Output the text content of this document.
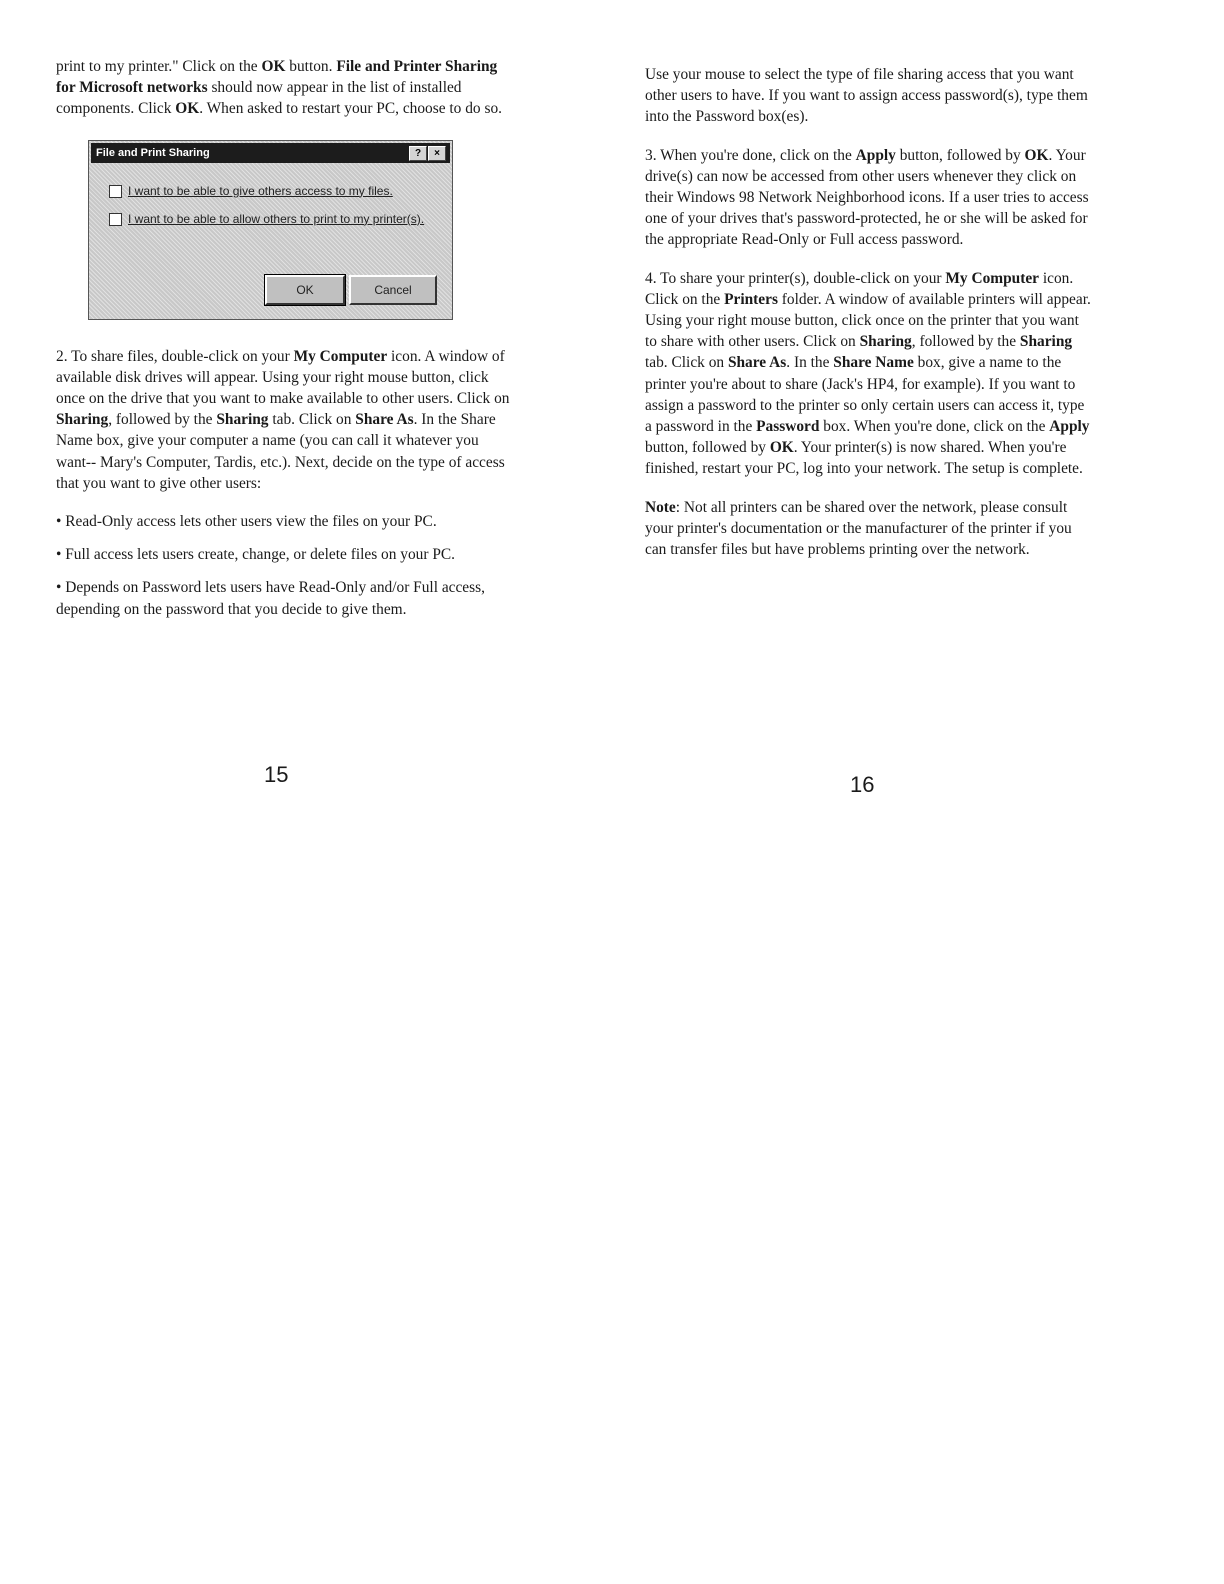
print to my printer." Click on the OK button. File and Printer Sharing for Microsoft networks should now appear in the list of installed components. Click OK. When asked to restart your PC, choose to do so.

File and Print Sharing	?	×
I want to be able to give others access to my files.
I want to be able to allow others to print to my printer(s).
OK	Cancel

2. To share files, double-click on your My Computer icon. A window of available disk drives will appear. Using your right mouse button, click once on the drive that you want to make available to other users. Click on Sharing, followed by the Sharing tab. Click on Share As. In the Share Name box, give your computer a name (you can call it whatever you want-- Mary's Computer, Tardis, etc.). Next, decide on the type of access that you want to give other users:

• Read-Only access lets other users view the files on your PC.

• Full access lets users create, change, or delete files on your PC.

• Depends on Password lets users have Read-Only and/or Full access, depending on the password that you decide to give them.

15

Use your mouse to select the type of file sharing access that you want other users to have. If you want to assign access password(s), type them into the Password box(es).

3. When you're done, click on the Apply button, followed by OK. Your drive(s) can now be accessed from other users whenever they click on their Windows 98 Network Neighborhood icons. If a user tries to access one of your drives that's password-protected, he or she will be asked for the appropriate Read-Only or Full access password.

4. To share your printer(s), double-click on your My Computer icon. Click on the Printers folder. A window of available printers will appear. Using your right mouse button, click once on the printer that you want to share with other users. Click on Sharing, followed by the Sharing tab. Click on Share As. In the Share Name box, give a name to the printer you're about to share (Jack's HP4, for example). If you want to assign a password to the printer so only certain users can access it, type a password in the Password box. When you're done, click on the Apply button, followed by OK. Your printer(s) is now shared. When you're finished, restart your PC, log into your network. The setup is complete.

Note: Not all printers can be shared over the network, please consult your printer's documentation or the manufacturer of the printer if you can transfer files but have problems printing over the network.

16
